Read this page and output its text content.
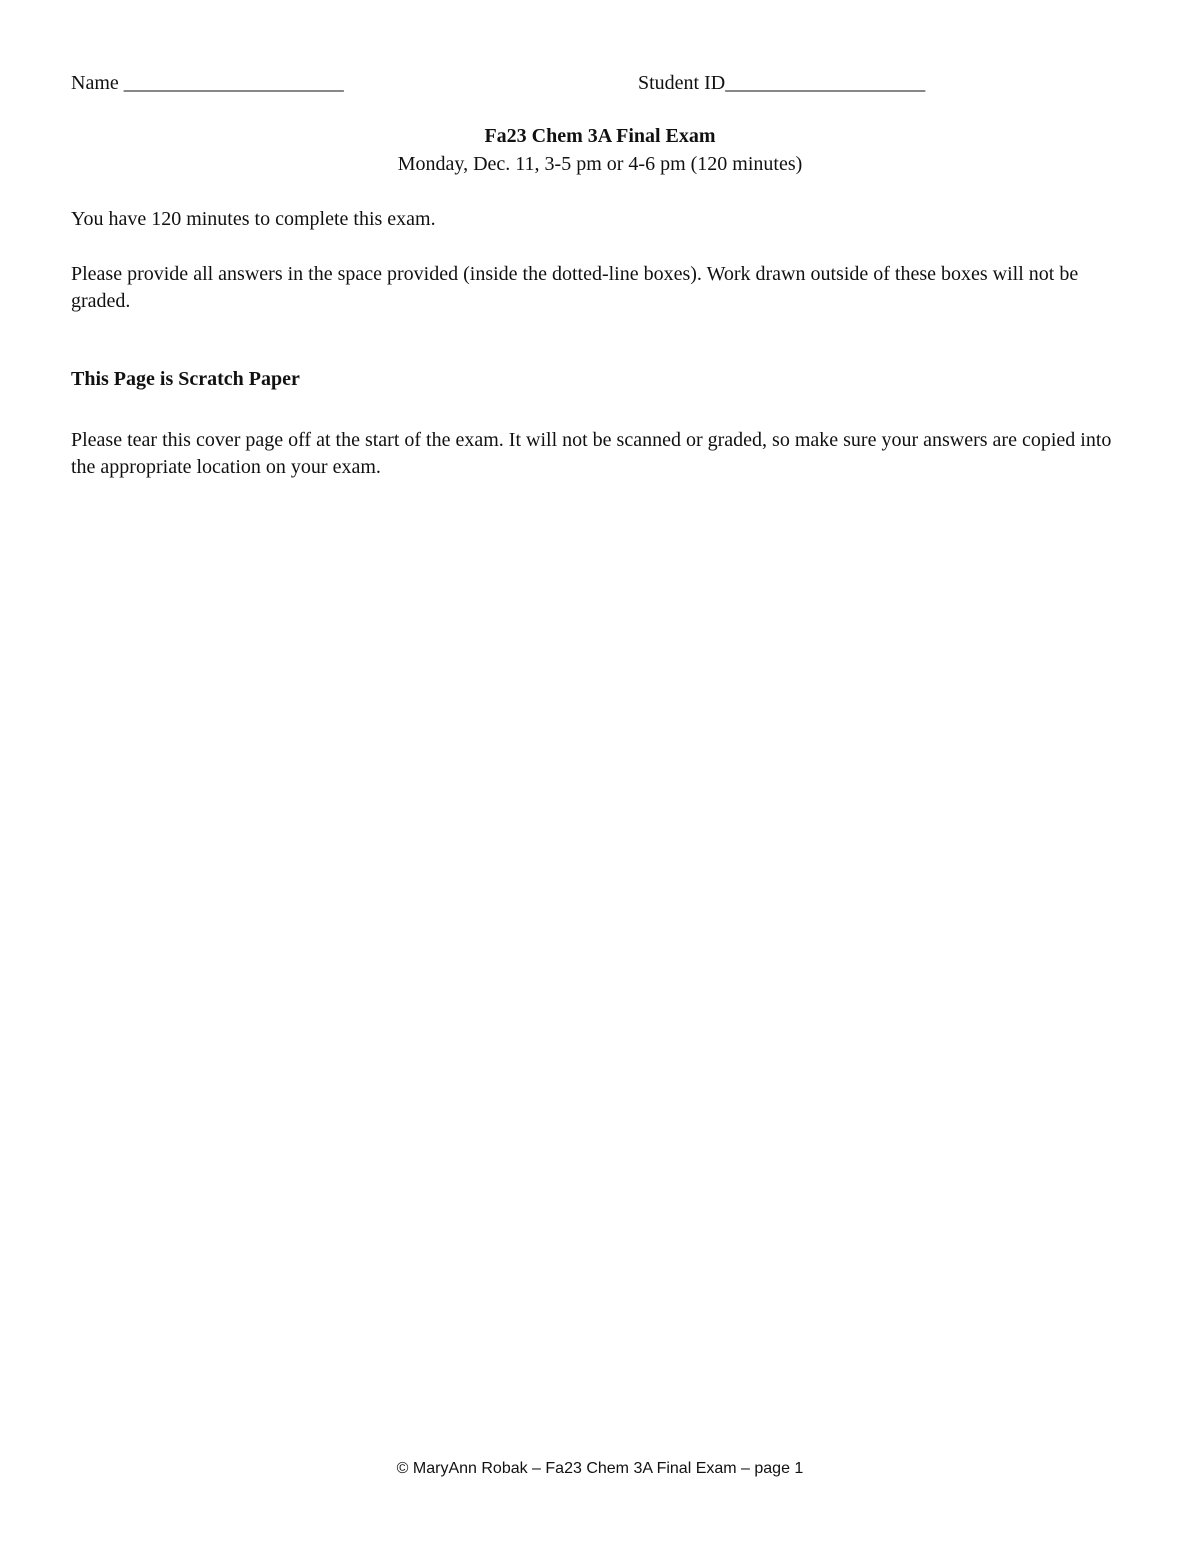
Name ______________________	Student ID____________________
Fa23 Chem 3A Final Exam
Monday, Dec. 11, 3-5 pm or 4-6 pm (120 minutes)
You have 120 minutes to complete this exam.
Please provide all answers in the space provided (inside the dotted-line boxes). Work drawn outside of these boxes will not be graded.
This Page is Scratch Paper
Please tear this cover page off at the start of the exam. It will not be scanned or graded, so make sure your answers are copied into the appropriate location on your exam.
© MaryAnn Robak – Fa23 Chem 3A Final Exam – page 1
